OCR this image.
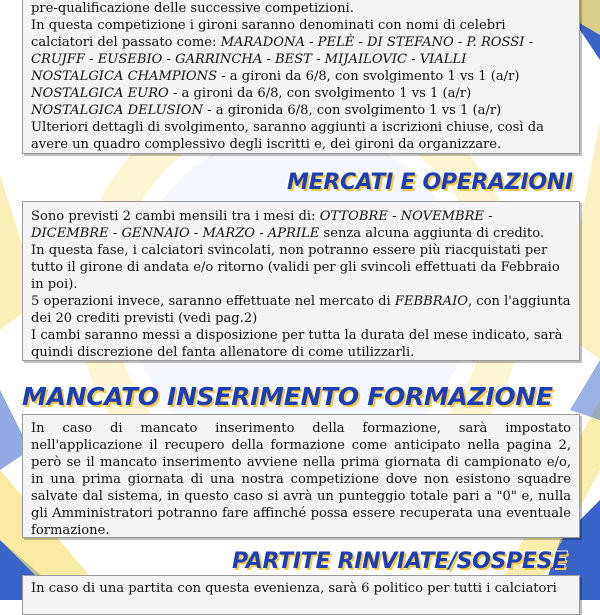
pre-qualificazione delle successive competizioni.

In questa competizione i gironi saranno denominati con nomi di celebri calciatori del passato come: MARADONA - PELÈ - DI STEFANO - P. ROSSI - CRUJFF - EUSEBIO - GARRINCHA - BEST - MIJAILOVIC - VIALLI

NOSTALGICA CHAMPIONS - a gironi da 6/8, con svolgimento 1 vs 1 (a/r)

NOSTALGICA EURO - a gironi da 6/8, con svolgimento 1 vs 1 (a/r)

NOSTALGICA DELUSION - a gironida 6/8, con svolgimento 1 vs 1 (a/r)

Ulteriori dettagli di svolgimento, saranno aggiunti a iscrizioni chiuse, così da avere un quadro complessivo degli iscritti e, dei gironi da organizzare.

MERCATI E OPERAZIONI

Sono previsti 2 cambi mensili tra i mesi di: OTTOBRE - NOVEMBRE - DICEMBRE - GENNAIO - MARZO - APRILE senza alcuna aggiunta di credito.

In questa fase, i calciatori svincolati, non potranno essere più riacquistati per tutto il girone di andata e/o ritorno (validi per gli svincoli effettuati da Febbraio in poi).

5 operazioni invece, saranno effettuate nel mercato di FEBBRAIO, con l'aggiunta dei 20 crediti previsti (vedi pag.2)

I cambi saranno messi a disposizione per tutta la durata del mese indicato, sarà quindi discrezione del fanta allenatore di come utilizzarli.

MANCATO INSERIMENTO FORMAZIONE

In caso di mancato inserimento della formazione, sarà impostato nell'applicazione il recupero della formazione come anticipato nella pagina 2, però se il mancato inserimento avviene nella prima giornata di campionato e/o, in una prima giornata di una nostra competizione dove non esistono squadre salvate dal sistema, in questo caso si avrà un punteggio totale pari a "0" e, nulla gli Amministratori potranno fare affinché possa essere recuperata una eventuale formazione.

PARTITE RINVIATE/SOSPESE

In caso di una partita con questa evenienza, sarà 6 politico per tutti i calciatori
